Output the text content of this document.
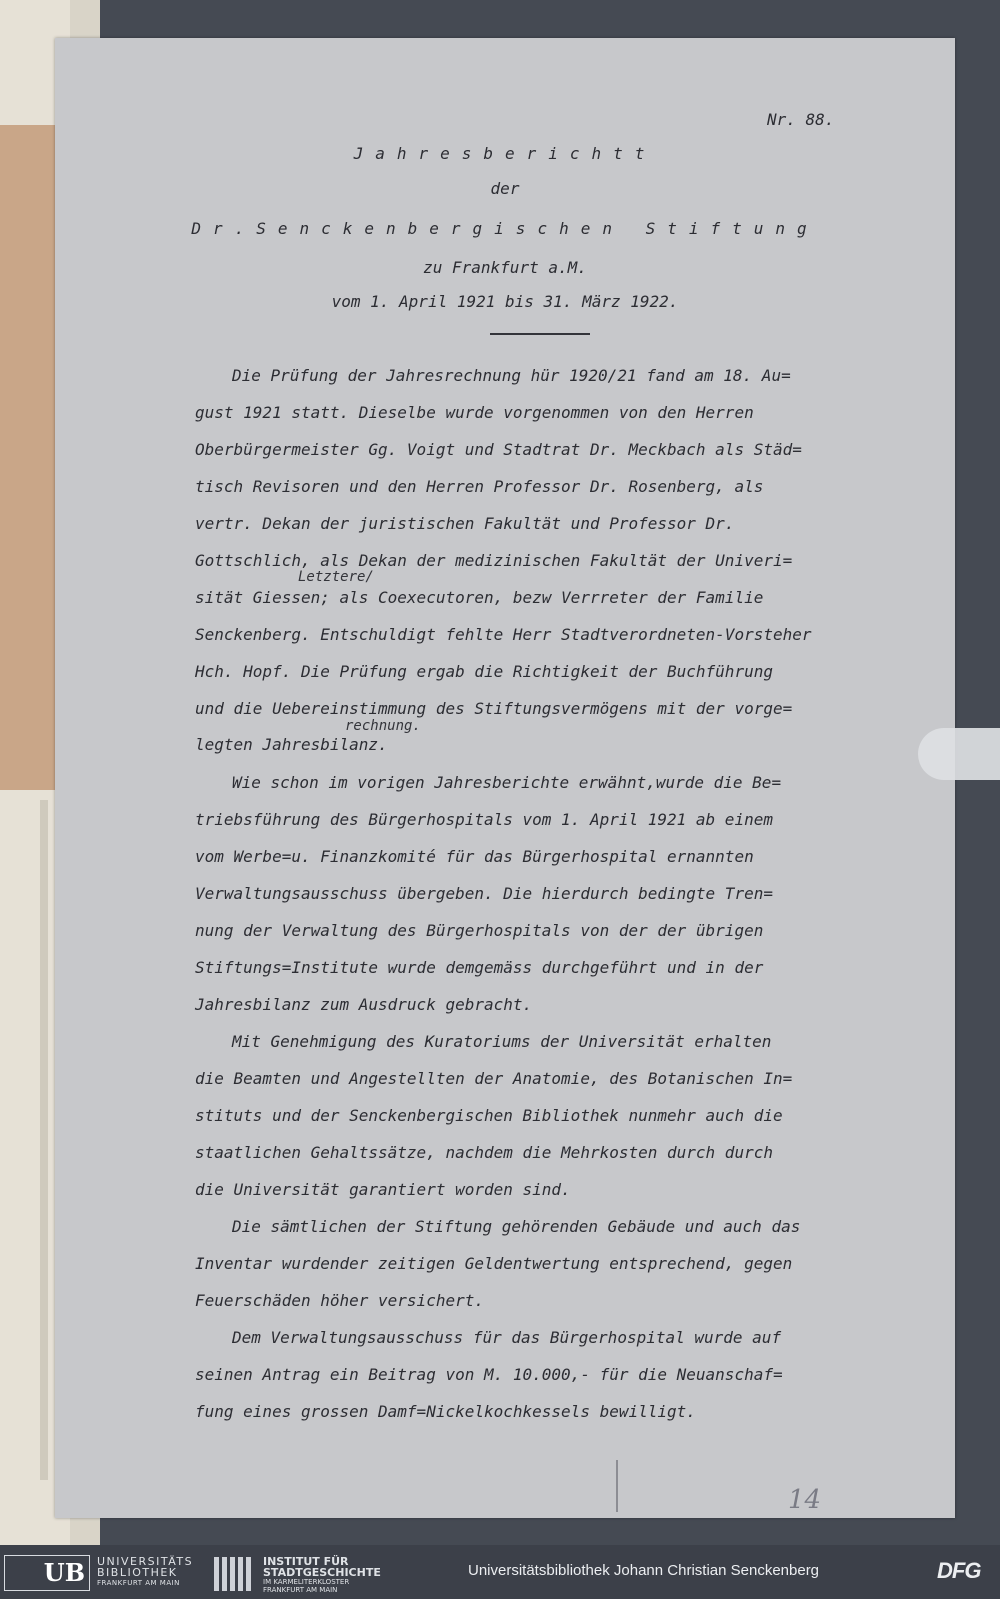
Nr. 88.
Jahresberichtt
der
Dr.Senckenbergischen Stiftung
zu Frankfurt a.M.
vom 1. April 1921 bis 31. März 1922.
Die Prüfung der Jahresrechnung hür 1920/21 fand am 18. Au=
gust 1921 statt. Dieselbe wurde vorgenommen von den Herren
Oberbürgermeister Gg. Voigt und Stadtrat Dr. Meckbach als Städ=
tisch Revisoren und den Herren Professor Dr. Rosenberg, als
vertr. Dekan der juristischen Fakultät und Professor Dr.
Gottschlich, als Dekan der medizinischen Fakultät der Univeri=
Letztere/
sität Giessen; als Coexecutoren, bezw Verrreter der Familie
Senckenberg. Entschuldigt fehlte Herr Stadtverordneten-Vorsteher
Hch. Hopf. Die Prüfung ergab die Richtigkeit der Buchführung
und die Uebereinstimmung des Stiftungsvermögens mit der vorge=
rechnung.
legten Jahresbilanz.
Wie schon im vorigen Jahresberichte erwähnt,wurde die Be=
triebsführung des Bürgerhospitals vom 1. April 1921 ab einem
vom Werbe=u. Finanzkomité für das Bürgerhospital ernannten
Verwaltungsausschuss übergeben. Die hierdurch bedingte Tren=
nung der Verwaltung des Bürgerhospitals von der der übrigen
Stiftungs=Institute wurde demgemäss durchgeführt und in der
Jahresbilanz zum Ausdruck gebracht.
Mit Genehmigung des Kuratoriums der Universität erhalten
die Beamten und Angestellten der Anatomie, des Botanischen In=
stituts und der Senckenbergischen Bibliothek nunmehr auch die
staatlichen Gehaltssätze, nachdem die Mehrkosten durch durch
die Universität garantiert worden sind.
Die sämtlichen der Stiftung gehörenden Gebäude und auch das
Inventar wurdender zeitigen Geldentwertung entsprechend, gegen
Feuerschäden höher versichert.
Dem Verwaltungsausschuss für das Bürgerhospital wurde auf
seinen Antrag ein Beitrag von M. 10.000,- für die Neuanschaf=
fung eines grossen Damf=Nickelkochkessels bewilligt.
14
UB	UNIVERSITÄTS
BIBLIOTHEK
FRANKFURT AM MAIN
INSTITUT FÜR
STADTGESCHICHTE
IM KARMELITERKLOSTER
FRANKFURT AM MAIN
Universitätsbibliothek Johann Christian Senckenberg	DFG
